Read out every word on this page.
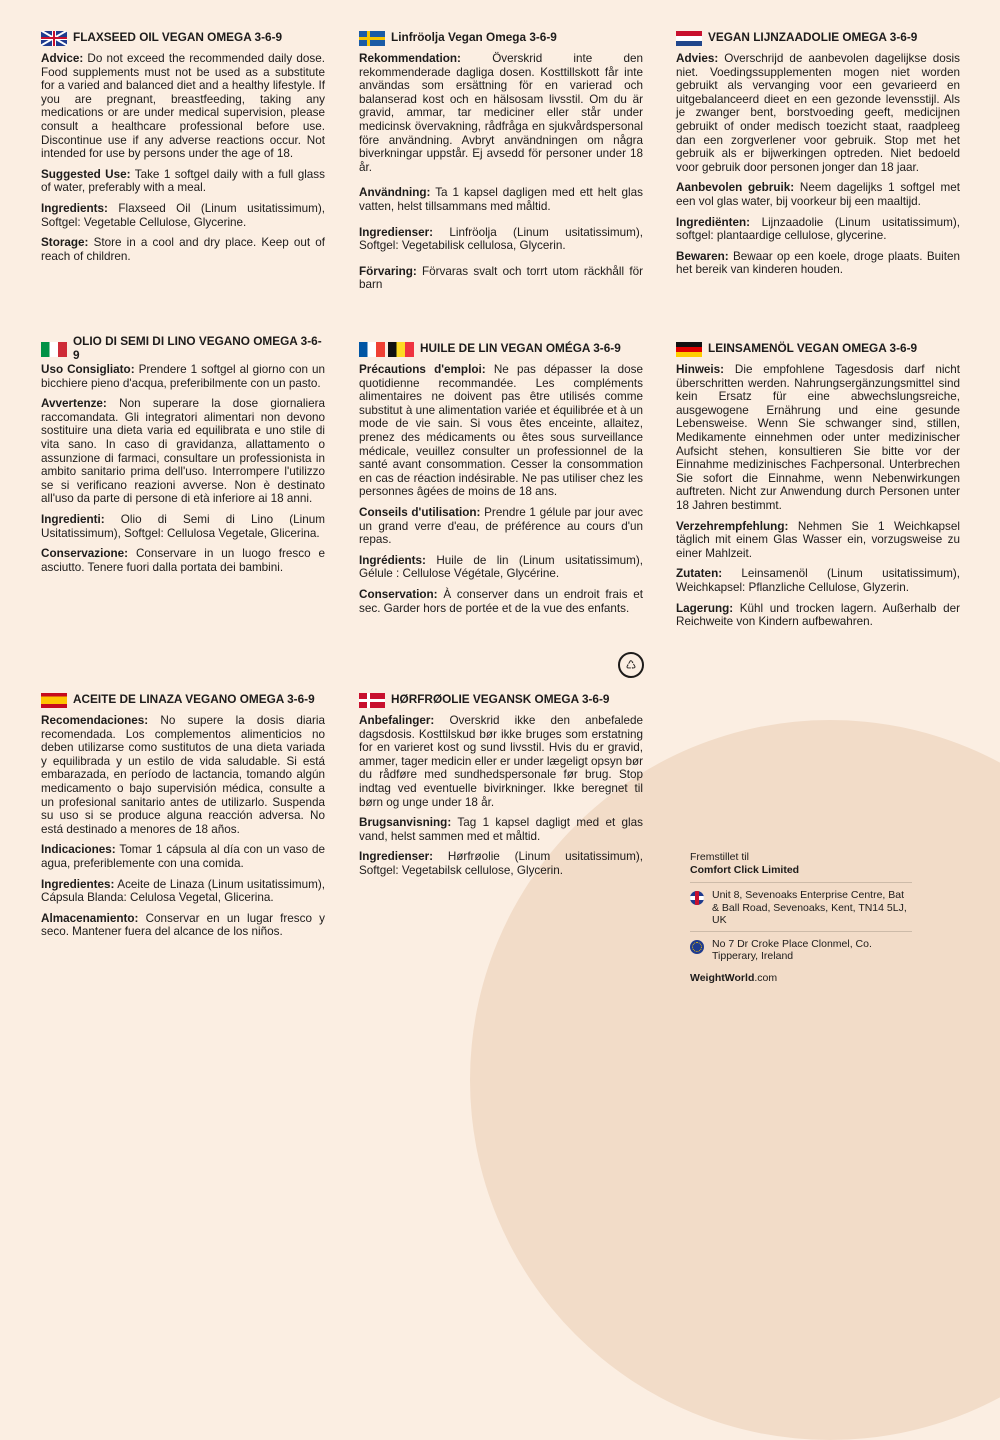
FLAXSEED OIL VEGAN OMEGA 3-6-9

Advice: Do not exceed the recommended daily dose. Food supplements must not be used as a substitute for a varied and balanced diet and a healthy lifestyle. If you are pregnant, breastfeeding, taking any medications or are under medical supervision, please consult a healthcare professional before use. Discontinue use if any adverse reactions occur. Not intended for use by persons under the age of 18.

Suggested Use: Take 1 softgel daily with a full glass of water, preferably with a meal.

Ingredients: Flaxseed Oil (Linum usitatissimum), Softgel: Vegetable Cellulose, Glycerine.

Storage: Store in a cool and dry place. Keep out of reach of children.

Linfröolja Vegan Omega 3-6-9

Rekommendation:	Överskrid inte den rekommenderade dagliga dosen. Kosttillskott får inte användas som ersättning för en varierad och balanserad kost och en hälsosam livsstil. Om du är gravid, ammar, tar mediciner eller står under medicinsk övervakning, rådfråga en sjukvårdspersonal före användning. Avbryt användningen om några biverkningar uppstår. Ej avsedd för personer under 18 år.

Användning: Ta 1 kapsel dagligen med ett helt glas vatten, helst tillsammans med måltid.

Ingredienser: Linfröolja (Linum usitatissimum), Softgel: Vegetabilisk cellulosa, Glycerin.

Förvaring: Förvaras svalt och torrt utom räckhåll för barn

VEGAN LIJNZAADOLIE OMEGA 3-6-9

Advies: Overschrijd de aanbevolen dagelijkse dosis niet. Voedingssupplementen mogen niet worden gebruikt als vervanging voor een gevarieerd en uitgebalanceerd dieet en een gezonde levensstijl. Als je zwanger bent, borstvoeding geeft, medicijnen gebruikt of onder medisch toezicht staat, raadpleeg dan een zorgverlener voor gebruik. Stop met het gebruik als er bijwerkingen optreden. Niet bedoeld voor gebruik door personen jonger dan 18 jaar.

Aanbevolen gebruik: Neem dagelijks 1 softgel met een vol glas water, bij voorkeur bij een maaltijd.

Ingrediënten: Lijnzaadolie (Linum usitatissimum), softgel: plantaardige cellulose, glycerine.

Bewaren: Bewaar op een koele, droge plaats. Buiten het bereik van kinderen houden.

OLIO DI SEMI DI LINO VEGANO OMEGA 3-6-9

Uso Consigliato: Prendere 1 softgel al giorno con un bicchiere pieno d'acqua, preferibilmente con un pasto.

Avvertenze: Non superare la dose giornaliera raccomandata. Gli integratori alimentari non devono sostituire una dieta varia ed equilibrata e uno stile di vita sano. In caso di gravidanza, allattamento o assunzione di farmaci, consultare un professionista in ambito sanitario prima dell'uso. Interrompere l'utilizzo se si verificano reazioni avverse. Non è destinato all'uso da parte di persone di età inferiore ai 18 anni.

Ingredienti: Olio di Semi di Lino (Linum Usitatissimum), Softgel: Cellulosa Vegetale, Glicerina.

Conservazione: Conservare in un luogo fresco e asciutto. Tenere fuori dalla portata dei bambini.

HUILE DE LIN VEGAN OMÉGA 3-6-9

Précautions d'emploi: Ne pas dépasser la dose quotidienne recommandée. Les compléments alimentaires ne doivent pas être utilisés comme substitut à une alimentation variée et équilibrée et à un mode de vie sain. Si vous êtes enceinte, allaitez, prenez des médicaments ou êtes sous surveillance médicale, veuillez consulter un professionnel de la santé avant consommation. Cesser la consommation en cas de réaction indésirable. Ne pas utiliser chez les personnes âgées de moins de 18 ans.

Conseils d'utilisation: Prendre 1 gélule par jour avec un grand verre d'eau, de préférence au cours d'un repas.

Ingrédients: Huile de lin (Linum usitatissimum), Gélule : Cellulose Végétale, Glycérine.

Conservation: À conserver dans un endroit frais et sec. Garder hors de portée et de la vue des enfants.

♺
LEINSAMENÖL VEGAN OMEGA 3-6-9

Hinweis: Die empfohlene Tagesdosis darf nicht überschritten werden. Nahrungsergänzungsmittel sind kein Ersatz für eine abwechslungsreiche, ausgewogene Ernährung und eine gesunde Lebensweise. Wenn Sie schwanger sind, stillen, Medikamente einnehmen oder unter medizinischer Aufsicht stehen, konsultieren Sie bitte vor der Einnahme medizinisches Fachpersonal. Unterbrechen Sie sofort die Einnahme, wenn Nebenwirkungen auftreten. Nicht zur Anwendung durch Personen unter 18 Jahren bestimmt.

Verzehrempfehlung: Nehmen Sie 1 Weichkapsel täglich mit einem Glas Wasser ein, vorzugsweise zu einer Mahlzeit.

Zutaten: Leinsamenöl (Linum usitatissimum), Weichkapsel: Pflanzliche Cellulose, Glyzerin.

Lagerung: Kühl und trocken lagern. Außerhalb der Reichweite von Kindern aufbewahren.

ACEITE DE LINAZA VEGANO OMEGA 3-6-9

Recomendaciones: No supere la dosis diaria recomendada. Los complementos alimenticios no deben utilizarse como sustitutos de una dieta variada y equilibrada y un estilo de vida saludable. Si está embarazada, en período de lactancia, tomando algún medicamento o bajo supervisión médica, consulte a un profesional sanitario antes de utilizarlo. Suspenda su uso si se produce alguna reacción adversa. No está destinado a menores de 18 años.

Indicaciones: Tomar 1 cápsula al día con un vaso de agua, preferiblemente con una comida.

Ingredientes: Aceite de Linaza (Linum usitatissimum), Cápsula Blanda: Celulosa Vegetal, Glicerina.

Almacenamiento: Conservar en un lugar fresco y seco. Mantener fuera del alcance de los niños.

HØRFRØOLIE VEGANSK OMEGA 3-6-9

Anbefalinger: Overskrid ikke den anbefalede dagsdosis. Kosttilskud bør ikke bruges som erstatning for en varieret kost og sund livsstil. Hvis du er gravid, ammer, tager medicin eller er under lægeligt opsyn bør du rådføre med sundhedspersonale før brug. Stop indtag ved eventuelle bivirkninger. Ikke beregnet til børn og unge under 18 år.

Brugsanvisning: Tag 1 kapsel dagligt med et glas vand, helst sammen med et måltid.

Ingredienser: Hørfrøolie (Linum usitatissimum), Softgel: Vegetabilsk cellulose, Glycerin.

Fremstillet til
Comfort Click Limited
Unit 8, Sevenoaks Enterprise Centre, Bat & Ball Road, Sevenoaks, Kent, TN14 5LJ, UK
No 7 Dr Croke Place Clonmel, Co. Tipperary, Ireland
WeightWorld.com
